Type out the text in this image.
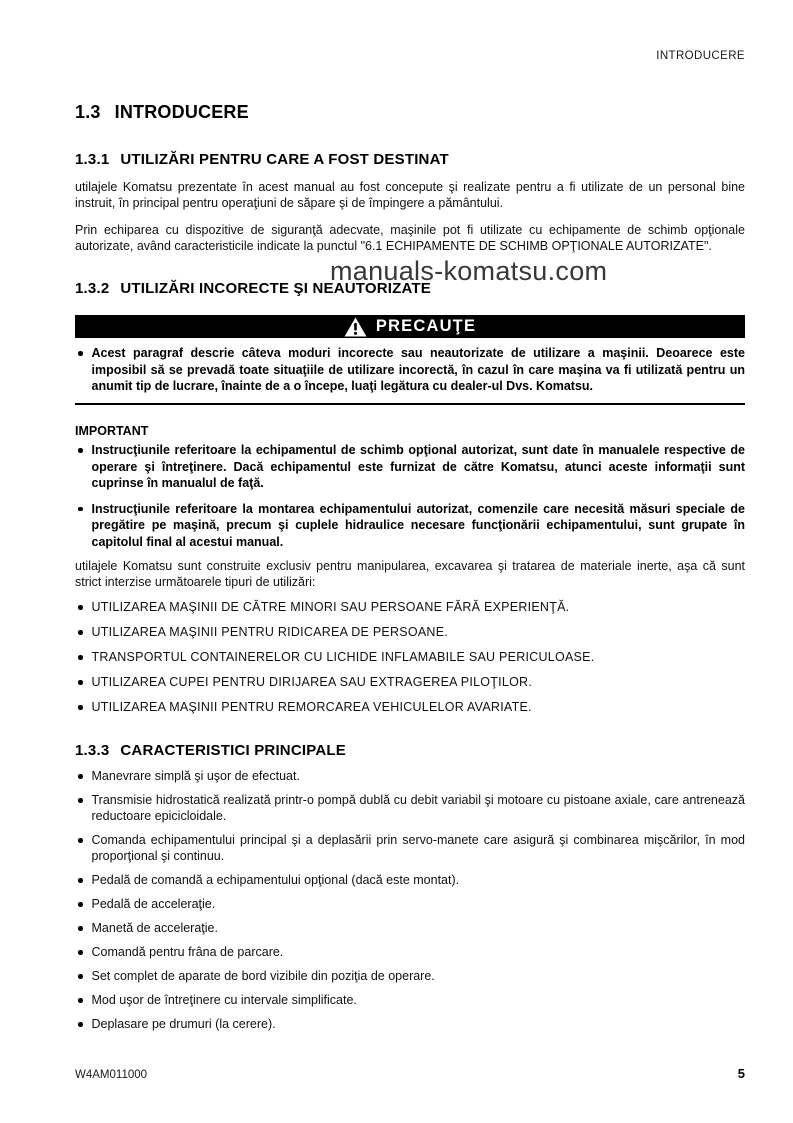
INTRODUCERE
1.3 INTRODUCERE
1.3.1 UTILIZĂRI PENTRU CARE A FOST DESTINAT

utilajele Komatsu prezentate în acest manual au fost concepute şi realizate pentru a fi utilizate de un personal bine instruit, în principal pentru operaţiuni de săpare şi de împingere a pământului.

Prin echiparea cu dispozitive de siguranţă adecvate, maşinile pot fi utilizate cu echipamente de schimb opţionale autorizate, având caracteristicile indicate la punctul "6.1 ECHIPAMENTE DE SCHIMB OPŢIONALE AUTORIZATE".

1.3.2 UTILIZĂRI INCORECTE ŞI NEAUTORIZATE
PRECAUŢE
Acest paragraf descrie câteva moduri incorecte sau neautorizate de utilizare a maşinii. Deoarece este imposibil să se prevadă toate situaţiile de utilizare incorectă, în cazul în care maşina va fi utilizată pentru un anumit tip de lucrare, înainte de a o începe, luaţi legătura cu dealer-ul Dvs. Komatsu.
IMPORTANT
Instrucţiunile referitoare la echipamentul de schimb opţional autorizat, sunt date în manualele respective de operare şi întreţinere. Dacă echipamentul este furnizat de către Komatsu, atunci aceste informaţii sunt cuprinse în manualul de faţă.
Instrucţiunile referitoare la montarea echipamentului autorizat, comenzile care necesită măsuri speciale de pregătire pe maşină, precum şi cuplele hidraulice necesare funcţionării echipamentului, sunt grupate în capitolul final al acestui manual.

utilajele Komatsu sunt construite exclusiv pentru manipularea, excavarea şi tratarea de materiale inerte, aşa că sunt strict interzise următoarele tipuri de utilizări:

UTILIZAREA MAŞINII DE CĂTRE MINORI SAU PERSOANE FĂRĂ EXPERIENŢĂ.
UTILIZAREA MAŞINII PENTRU RIDICAREA DE PERSOANE.
TRANSPORTUL CONTAINERELOR CU LICHIDE INFLAMABILE SAU PERICULOASE.
UTILIZAREA CUPEI PENTRU DIRIJAREA SAU EXTRAGEREA PILOŢILOR.
UTILIZAREA MAŞINII PENTRU REMORCAREA VEHICULELOR AVARIATE.
1.3.3 CARACTERISTICI PRINCIPALE
Manevrare simplă şi uşor de efectuat.
Transmisie hidrostatică realizată printr-o pompă dublă cu debit variabil şi motoare cu pistoane axiale, care antrenează reductoare epicicloidale.
Comanda echipamentului principal şi a deplasării prin servo-manete care asigură şi combinarea mişcărilor, în mod proporţional şi continuu.
Pedală de comandă a echipamentului opţional (dacă este montat).
Pedală de acceleraţie.
Manetă de acceleraţie.
Comandă pentru frâna de parcare.
Set complet de aparate de bord vizibile din poziţia de operare.
Mod uşor de întreţinere cu intervale simplificate.
Deplasare pe drumuri (la cerere).
manuals-komatsu.com
W4AM011000	5
